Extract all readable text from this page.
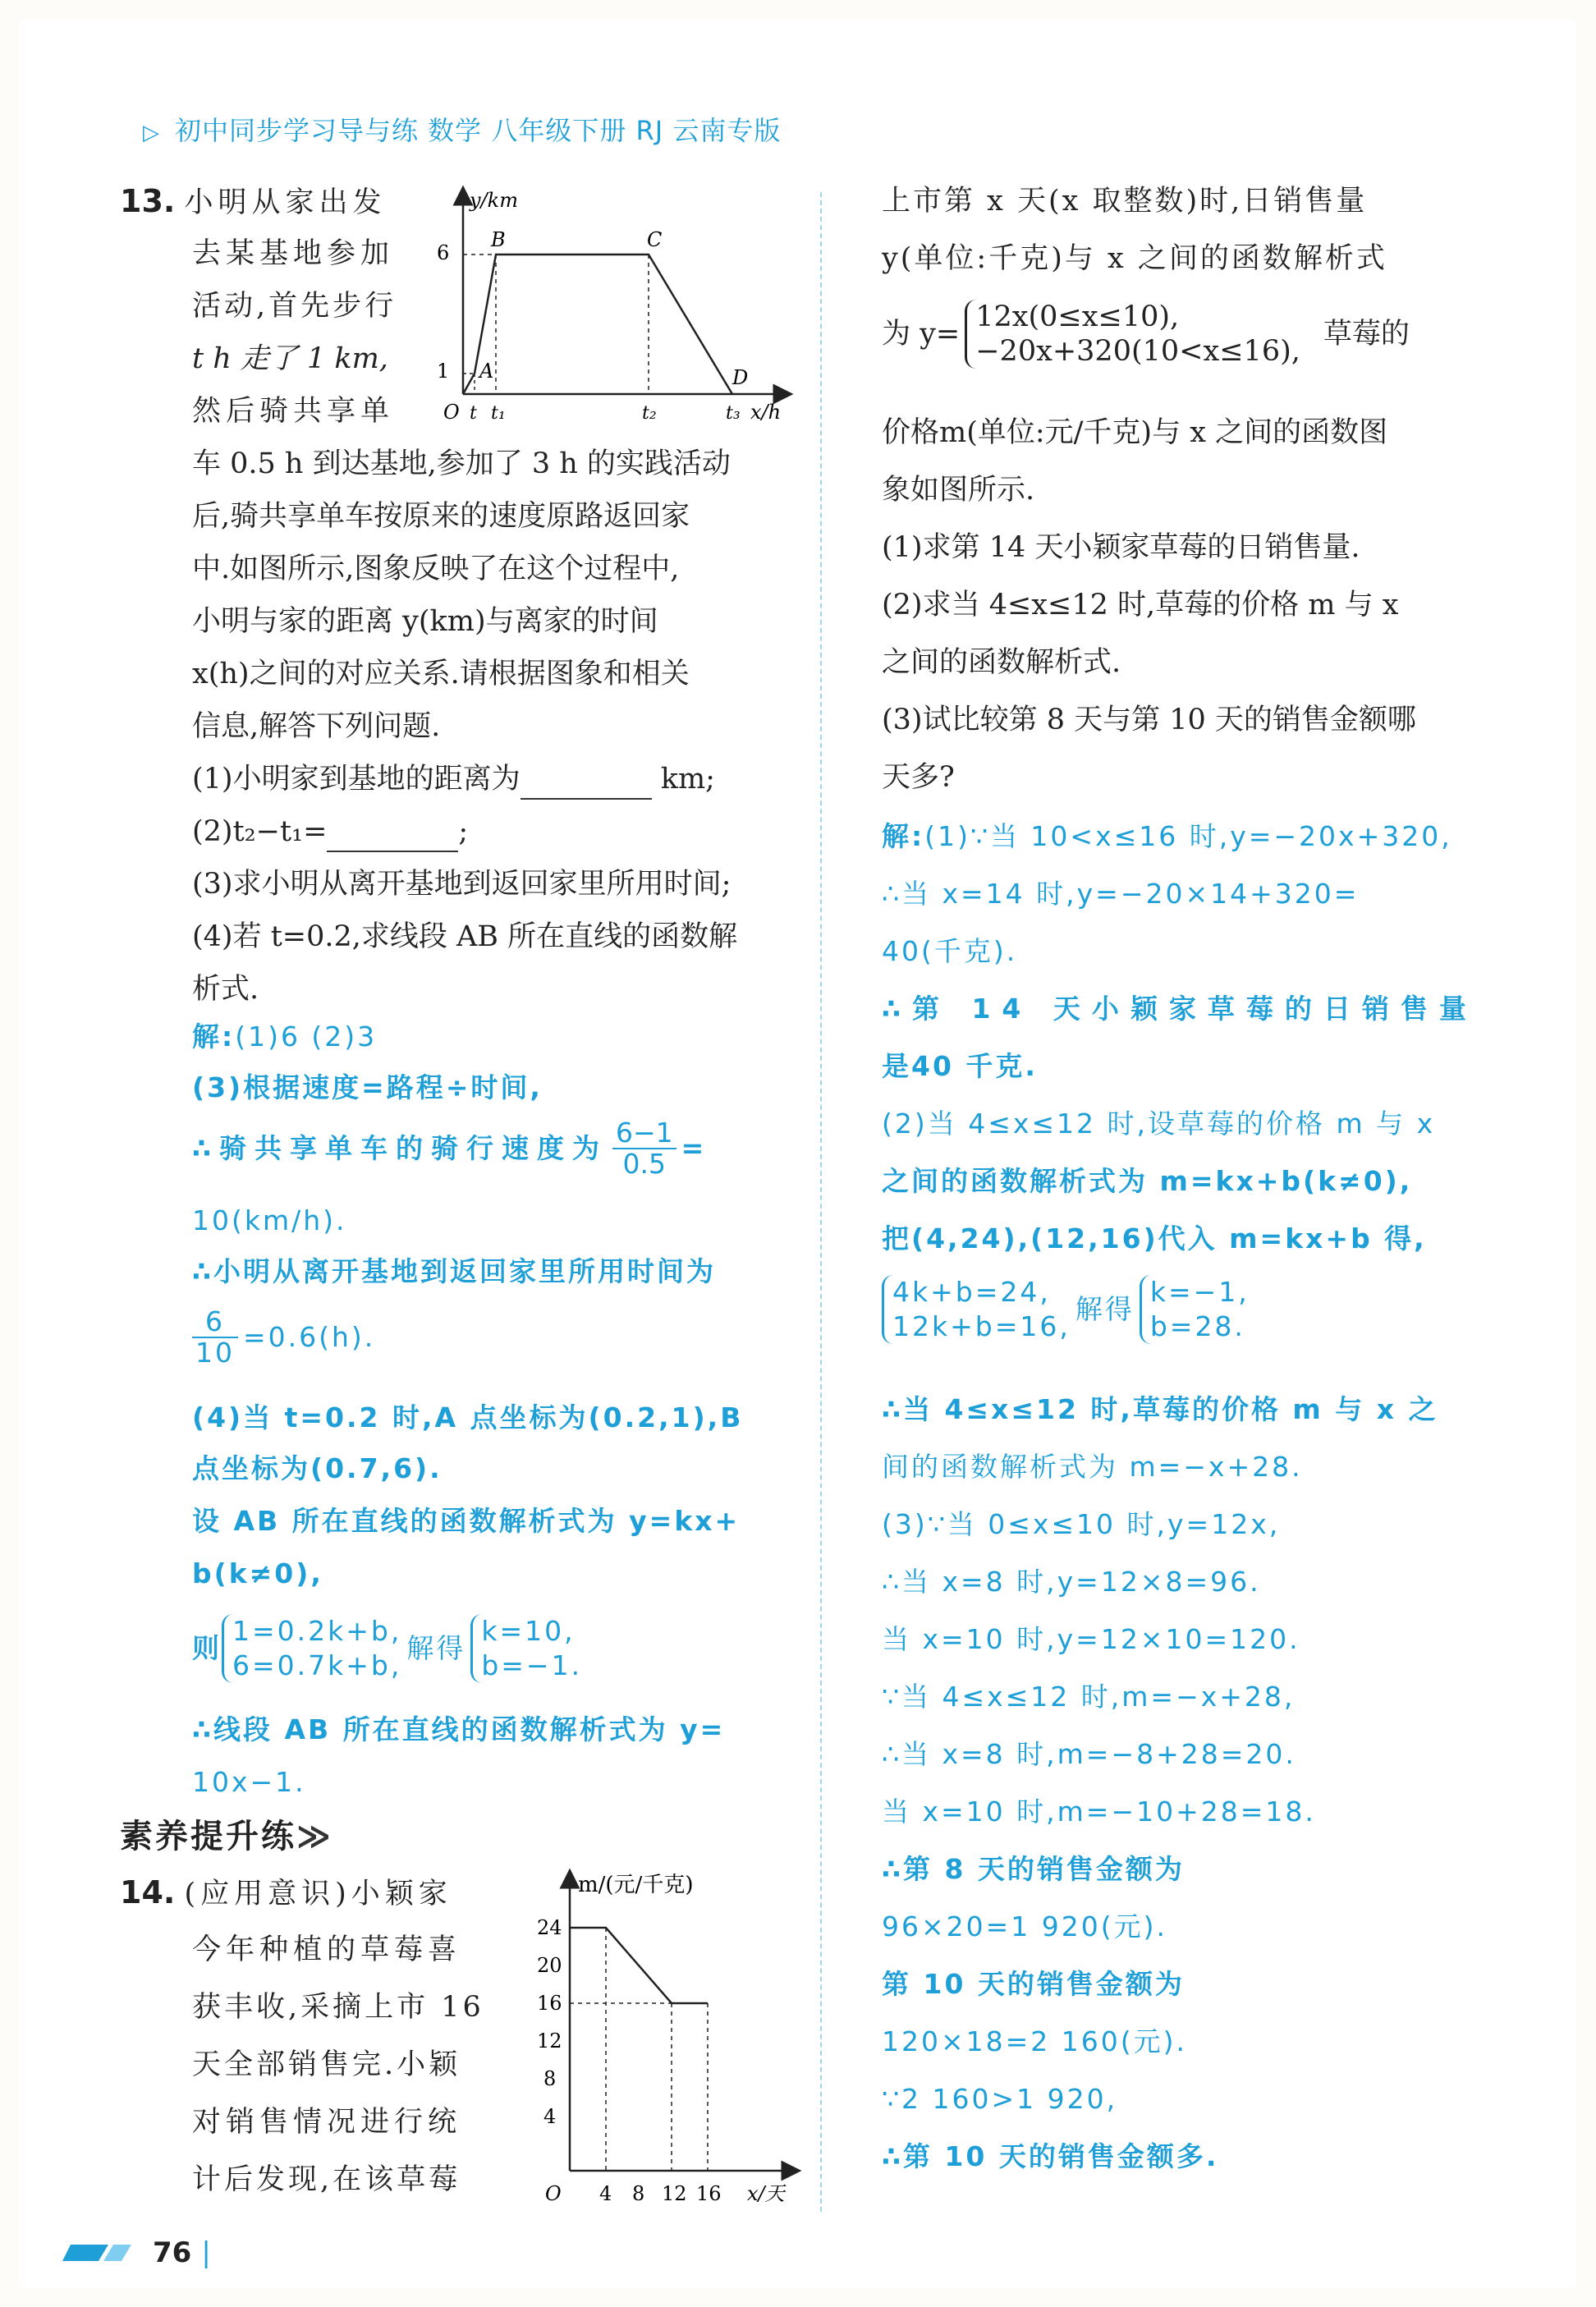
▷ 初中同步学习导与练 数学 八年级下册 RJ 云南专版
13. 小明从家出发
去某基地参加
活动,首先步行
t h 走了 1 km,
然后骑共享单
车 0.5 h 到达基地,参加了 3 h 的实践活动
后,骑共享单车按原来的速度原路返回家
中.如图所示,图象反映了在这个过程中,
小明与家的距离 y(km)与离家的时间
x(h)之间的对应关系.请根据图象和相关
信息,解答下列问题.
(1)小明家到基地的距离为	km;
(2)t₂−t₁=	;
(3)求小明从离开基地到返回家里所用时间;
(4)若 t=0.2,求线段 AB 所在直线的函数解
析式.
y/km
x/h
O
6
1
t t₁	t₂	t₃
A
B	C
D
解:(1)6 (2)3
(3)根据速度=路程÷时间,
∴骑共享单车的骑行速度为 $\frac{6-1}{0.5}$ =
10(km/h).
∴小明从离开基地到返回家里所用时间为
$\frac{6}{10} =0.6(h)$.
(4)当 t=0.2 时,A 点坐标为(0.2,1),B
点坐标为(0.7,6).
设 AB 所在直线的函数解析式为 y=kx+
b(k≠0),
则
1=0.2k+b,
6=0.7k+b,
解得
k=10,
b=−1.
∴线段 AB 所在直线的函数解析式为 y=
10x−1.
素养提升练≫
14. (应用意识)小颖家
今年种植的草莓喜
获丰收,采摘上市 16
天全部销售完.小颖
对销售情况进行统
计后发现,在该草莓
m/(元/千克)
x/天
O
24
20
16
12
8
4
4 8 12 16
上市第 x 天(x 取整数)时,日销售量
y(单位:千克)与 x 之间的函数解析式
为 y=
12x(0≤x≤10),
−20x+320(10<x≤16),
草莓的
价格m(单位:元/千克)与 x 之间的函数图
象如图所示.
(1)求第 14 天小颖家草莓的日销售量.
(2)求当 4≤x≤12 时,草莓的价格 m 与 x
之间的函数解析式.
(3)试比较第 8 天与第 10 天的销售金额哪
天多?
解:(1)∵当 10<x≤16 时,y=−20x+320,
∴当 x=14 时,y=−20×14+320=
40(千克).
∴第 14 天小颖家草莓的日销售量
是40 千克.
(2)当 4≤x≤12 时,设草莓的价格 m 与 x
之间的函数解析式为 m=kx+b(k≠0),
把(4,24),(12,16)代入 m=kx+b 得,
4k+b=24,
12k+b=16,
解得
k=−1,
b=28.
∴当 4≤x≤12 时,草莓的价格 m 与 x 之
间的函数解析式为 m=−x+28.
(3)∵当 0≤x≤10 时,y=12x,
∴当 x=8 时,y=12×8=96.
当 x=10 时,y=12×10=120.
∵当 4≤x≤12 时,m=−x+28,
∴当 x=8 时,m=−8+28=20.
当 x=10 时,m=−10+28=18.
∴第 8 天的销售金额为
96×20=1 920(元).
第 10 天的销售金额为
120×18=2 160(元).
∵2 160>1 920,
∴第 10 天的销售金额多.
76 |
